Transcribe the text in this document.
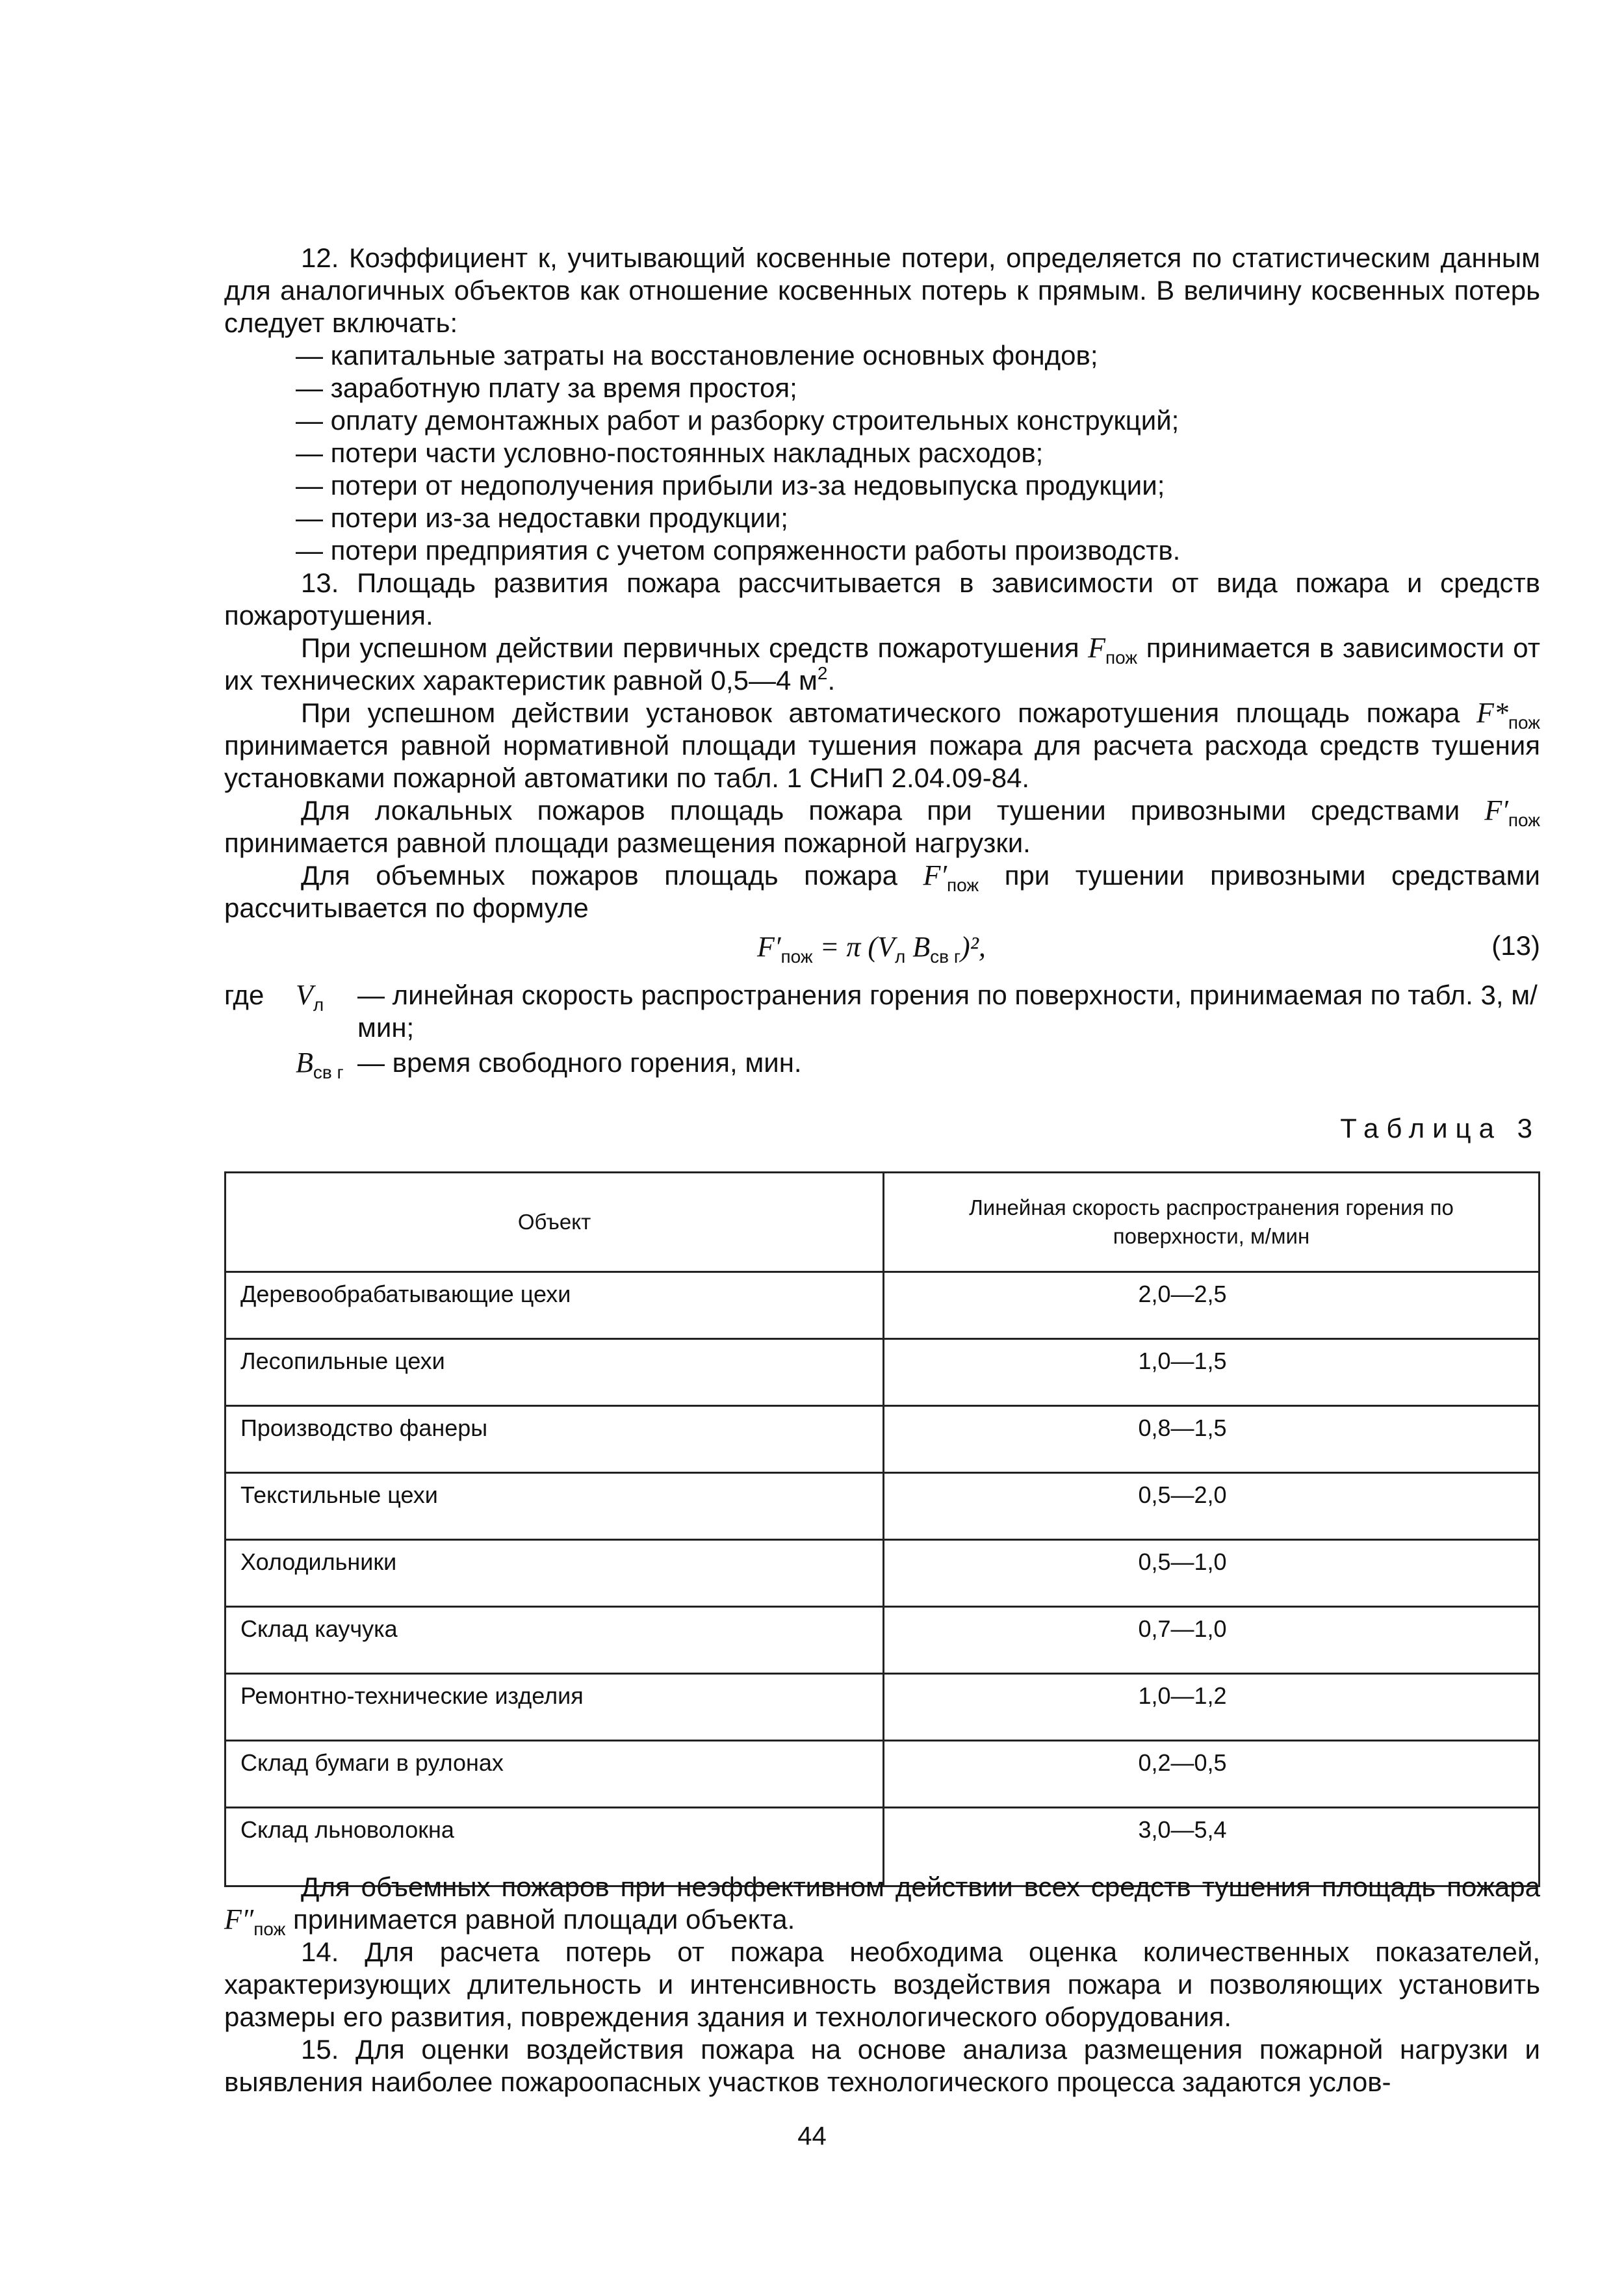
12. Коэффициент к, учитывающий косвенные потери, определяется по статистическим данным для аналогичных объектов как отношение косвенных потерь к прямым. В величину косвенных потерь следует включать:

— капитальные затраты на восстановление основных фондов;

— заработную плату за время простоя;

— оплату демонтажных работ и разборку строительных конструкций;

— потери части условно-постоянных накладных расходов;

— потери от недополучения прибыли из-за недовыпуска продукции;

— потери из-за недоставки продукции;

— потери предприятия с учетом сопряженности работы производств.

13. Площадь развития пожара рассчитывается в зависимости от вида пожара и средств пожаротушения.

При успешном действии первичных средств пожаротушения $F_{пож}$ принимается в зависимости от их технических характеристик равной 0,5—4 $м^2$.

При успешном действии установок автоматического пожаротушения площадь пожара $F*_{пож}$ принимается равной нормативной площади тушения пожара для расчета расхода средств тушения установками пожарной автоматики по табл. 1 СНиП 2.04.09-84.

Для локальных пожаров площадь пожара при тушении привозными средствами $F'_{пож}$ принимается равной площади размещения пожарной нагрузки.

Для объемных пожаров площадь пожара $F'_{пож}$ при тушении привозными средствами рассчитывается по формуле

$F'_{пож} = \pi$ ($V_л$ $B_{св г})^2$,	(13)
где $V_л$ — линейная скорость распространения горения по поверхности, принимаемая по табл. 3, м/мин;
$B_{св г}$ — время свободного горения, мин.
Таблица 3
Объект	Линейная скорость распространения горения по поверхности, м/мин

Деревообрабатывающие цехи	2,0—2,5
Лесопильные цехи	1,0—1,5
Производство фанеры	0,8—1,5
Текстильные цехи	0,5—2,0
Холодильники	0,5—1,0
Склад каучука	0,7—1,0
Ремонтно-технические изделия	1,0—1,2
Склад бумаги в рулонах	0,2—0,5
Склад льноволокна	3,0—5,4

Для объемных пожаров при неэффективном действии всех средств тушения площадь пожара $F''_{пож}$ принимается равной площади объекта.

14. Для расчета потерь от пожара необходима оценка количественных показателей, характеризующих длительность и интенсивность воздействия пожара и позволяющих установить размеры его развития, повреждения здания и технологического оборудования.

15. Для оценки воздействия пожара на основе анализа размещения пожарной нагрузки и выявления наиболее пожароопасных участков технологического процесса задаются услов-

44
